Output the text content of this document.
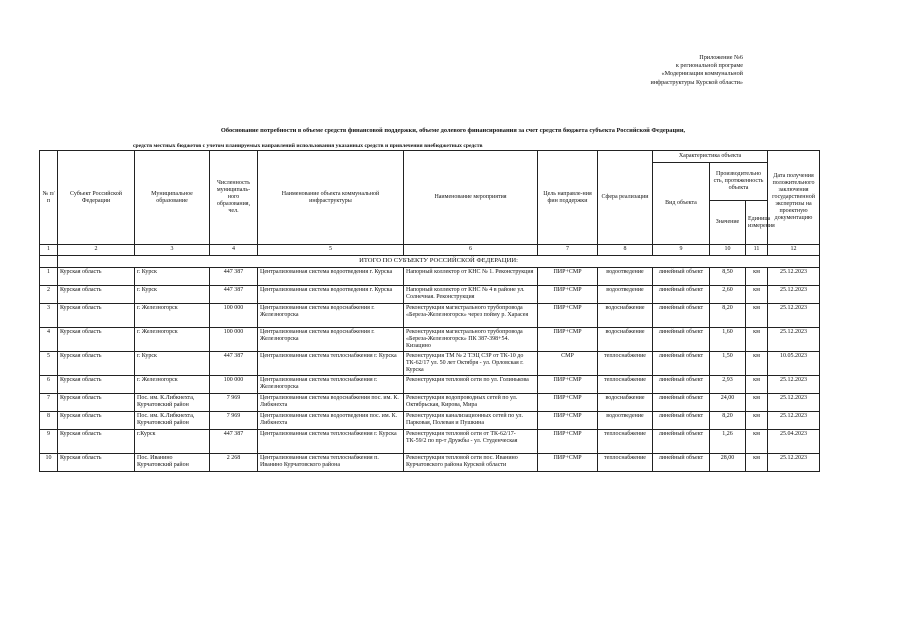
Приложение №6
к региональной програме
«Модернизация коммунальной
инфраструктуры Курской области»
Обоснование потребности в объеме средств финансовой поддержки, объеме долевого финансирования за счет средств бюджета субъекта Российской Федерации,
средств местных бюджетов с учетом планируемых направлений использования указанных средств и привлечения внебюджетных средств
№ п/п	Субъект Российской Федерации	Муниципальное образование	Численность муниципаль-ного образования, чел.	Наименование объекта коммунальной инфраструктуры	Наименование мероприятия	Цель направле-ния фин поддержки	Сфера реализации	Характеристика объекта			Дата получения положительного заключения государственной экспертизы на проектную документацию
								Вид объекта	Производительно сть, протяженность объекта		
									Значение	Единица измерения	
1	2	3	4	5	6	7	8	9	10	11	12
	ИТОГО ПО СУБЪЕКТУ РОССИЙСКОЙ ФЕДЕРАЦИИ:										
1	Курская область	г. Курск	447 387	Централизованная система водоотведения г. Курска	Напорный коллектор от КНС № 1. Реконструкция	ПИР+СМР	водоотведение	линейный объект	8,50	км	25.12.2023
2	Курская область	г. Курск	447 387	Централизованная система водоотведения г. Курска	Напорный коллектор от КНС № 4 в районе ул. Солнечная. Реконструкция	ПИР+СМР	водоотведение	линейный объект	2,60	км	25.12.2023
3	Курская область	г. Железногорск	100 000	Централизованная система водоснабжения г. Железногорска	Реконструкция магистрального трубопровода «Береза-Железногорск» через пойму р. Харасея	ПИР+СМР	водоснабжение	линейный объект	8,20	км	25.12.2023
4	Курская область	г. Железногорск	100 000	Централизованная система водоснабжения г. Железногорска	Реконструкция магистрального трубопровода «Береза-Железногорск» ПК 387-398+54. Кизацино	ПИР+СМР	водоснабжение	линейный объект	1,60	км	25.12.2023
5	Курская область	г. Курск	447 387	Централизованная система теплоснабжения г. Курска	Реконструкция ТМ № 2 ТЭЦ СЗР от ТК-10 до ТК-62/17 ул. 50 лет Октября - ул. Орловская г. Курска	СМР	теплоснабжение	линейный объект	1,50	км	10.05.2023
6	Курская область	г. Железногорск	100 000	Централизованная система теплоснабжения г. Железногорска	Реконструкция тепловой сети по ул. Голинькова	ПИР+СМР	теплоснабжение	линейный объект	2,93	км	25.12.2023
7	Курская область	Пос. им. К.Либкнехта, Курчатовский район	7 969	Централизованная система водоснабжения пос. им. К. Либкнехта	Реконструкция водопроводных сетей по ул. Октябрьская, Кирова, Мира	ПИР+СМР	водоснабжение	линейный объект	24,00	км	25.12.2023
8	Курская область	Пос. им. К.Либкнехта, Курчатовский район	7 969	Централизованная система водоотведения пос. им. К. Либкнехта	Реконструкция канализационных сетей по ул. Парковая, Полевая и Пушкина	ПИР+СМР	водоотведение	линейный объект	8,20	км	25.12.2023
9	Курская область	г.Курск	447 387	Централизованная система теплоснабжения г. Курска	Реконструкция тепловой сети от ТК-62/17-ТК-59/2 по пр-т Дружбы - ул. Студенческая	ПИР+СМР	теплоснабжение	линейный объект	1,26	км	25.04.2023
10	Курская область	Пос. Иванино Курчатовский район	2 268	Централизованная система теплоснабжения п. Иванино Курчатовского района	Реконструкция тепловой сети пос. Иванино Курчатовского района Курской области	ПИР+СМР	теплоснабжение	линейный объект	28,00	км	25.12.2023
